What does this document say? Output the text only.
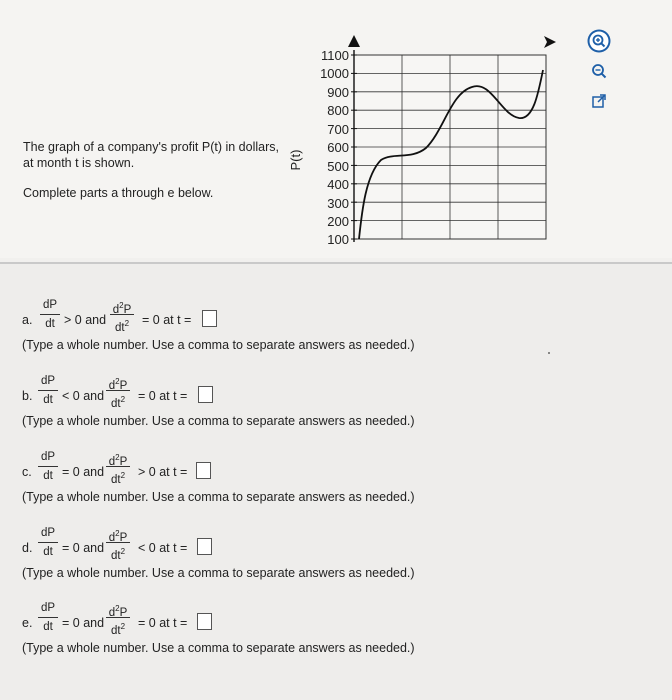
The graph of a company's profit P(t) in dollars,

at month t is shown.

Complete parts a through e below.

1100
1000
900
800
700
600
500
400
300
200
100
P(t)
a.
dP
dt > 0 and
$d^2P$
$dt^2$	= 0 at t =
(Type a whole number. Use a comma to separate answers as needed.)
b.
dP
dt < 0 and
$d^2P$
$dt^2$	= 0 at t =
(Type a whole number. Use a comma to separate answers as needed.)
c.
dP
dt = 0 and
$d^2P$
$dt^2$	> 0 at t =
(Type a whole number. Use a comma to separate answers as needed.)
d.
dP
dt = 0 and
$d^2P$
$dt^2$	< 0 at t =
(Type a whole number. Use a comma to separate answers as needed.)
e.
dP
dt = 0 and
$d^2P$
$dt^2$	= 0 at t =
(Type a whole number. Use a comma to separate answers as needed.)
